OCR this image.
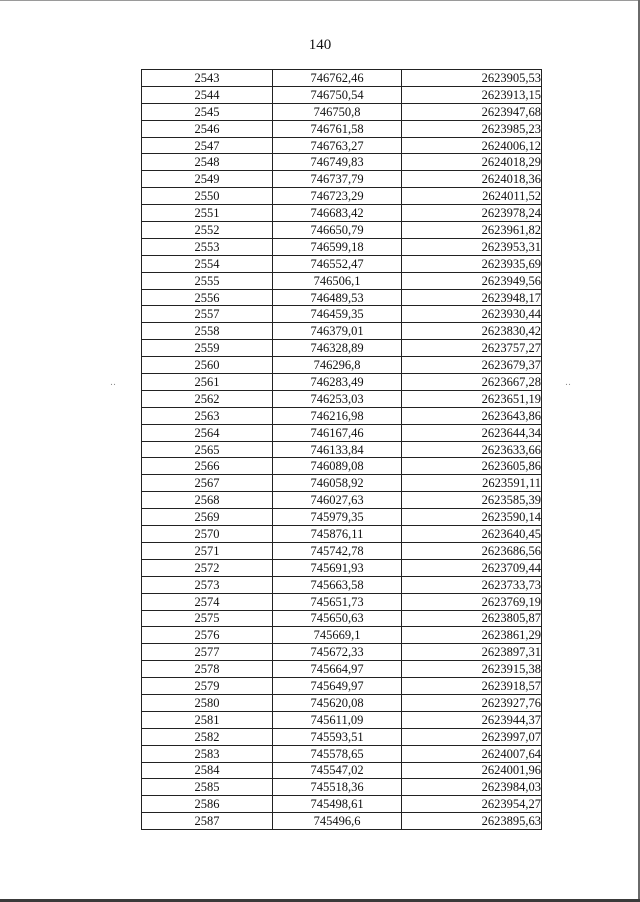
140
2543	746762,46	2623905,53
2544	746750,54	2623913,15
2545	746750,8	2623947,68
2546	746761,58	2623985,23
2547	746763,27	2624006,12
2548	746749,83	2624018,29
2549	746737,79	2624018,36
2550	746723,29	2624011,52
2551	746683,42	2623978,24
2552	746650,79	2623961,82
2553	746599,18	2623953,31
2554	746552,47	2623935,69
2555	746506,1	2623949,56
2556	746489,53	2623948,17
2557	746459,35	2623930,44
2558	746379,01	2623830,42
2559	746328,89	2623757,27
2560	746296,8	2623679,37
2561	746283,49	2623667,28
2562	746253,03	2623651,19
2563	746216,98	2623643,86
2564	746167,46	2623644,34
2565	746133,84	2623633,66
2566	746089,08	2623605,86
2567	746058,92	2623591,11
2568	746027,63	2623585,39
2569	745979,35	2623590,14
2570	745876,11	2623640,45
2571	745742,78	2623686,56
2572	745691,93	2623709,44
2573	745663,58	2623733,73
2574	745651,73	2623769,19
2575	745650,63	2623805,87
2576	745669,1	2623861,29
2577	745672,33	2623897,31
2578	745664,97	2623915,38
2579	745649,97	2623918,57
2580	745620,08	2623927,76
2581	745611,09	2623944,37
2582	745593,51	2623997,07
2583	745578,65	2624007,64
2584	745547,02	2624001,96
2585	745518,36	2623984,03
2586	745498,61	2623954,27
2587	745496,6	2623895,63
․․	․․
